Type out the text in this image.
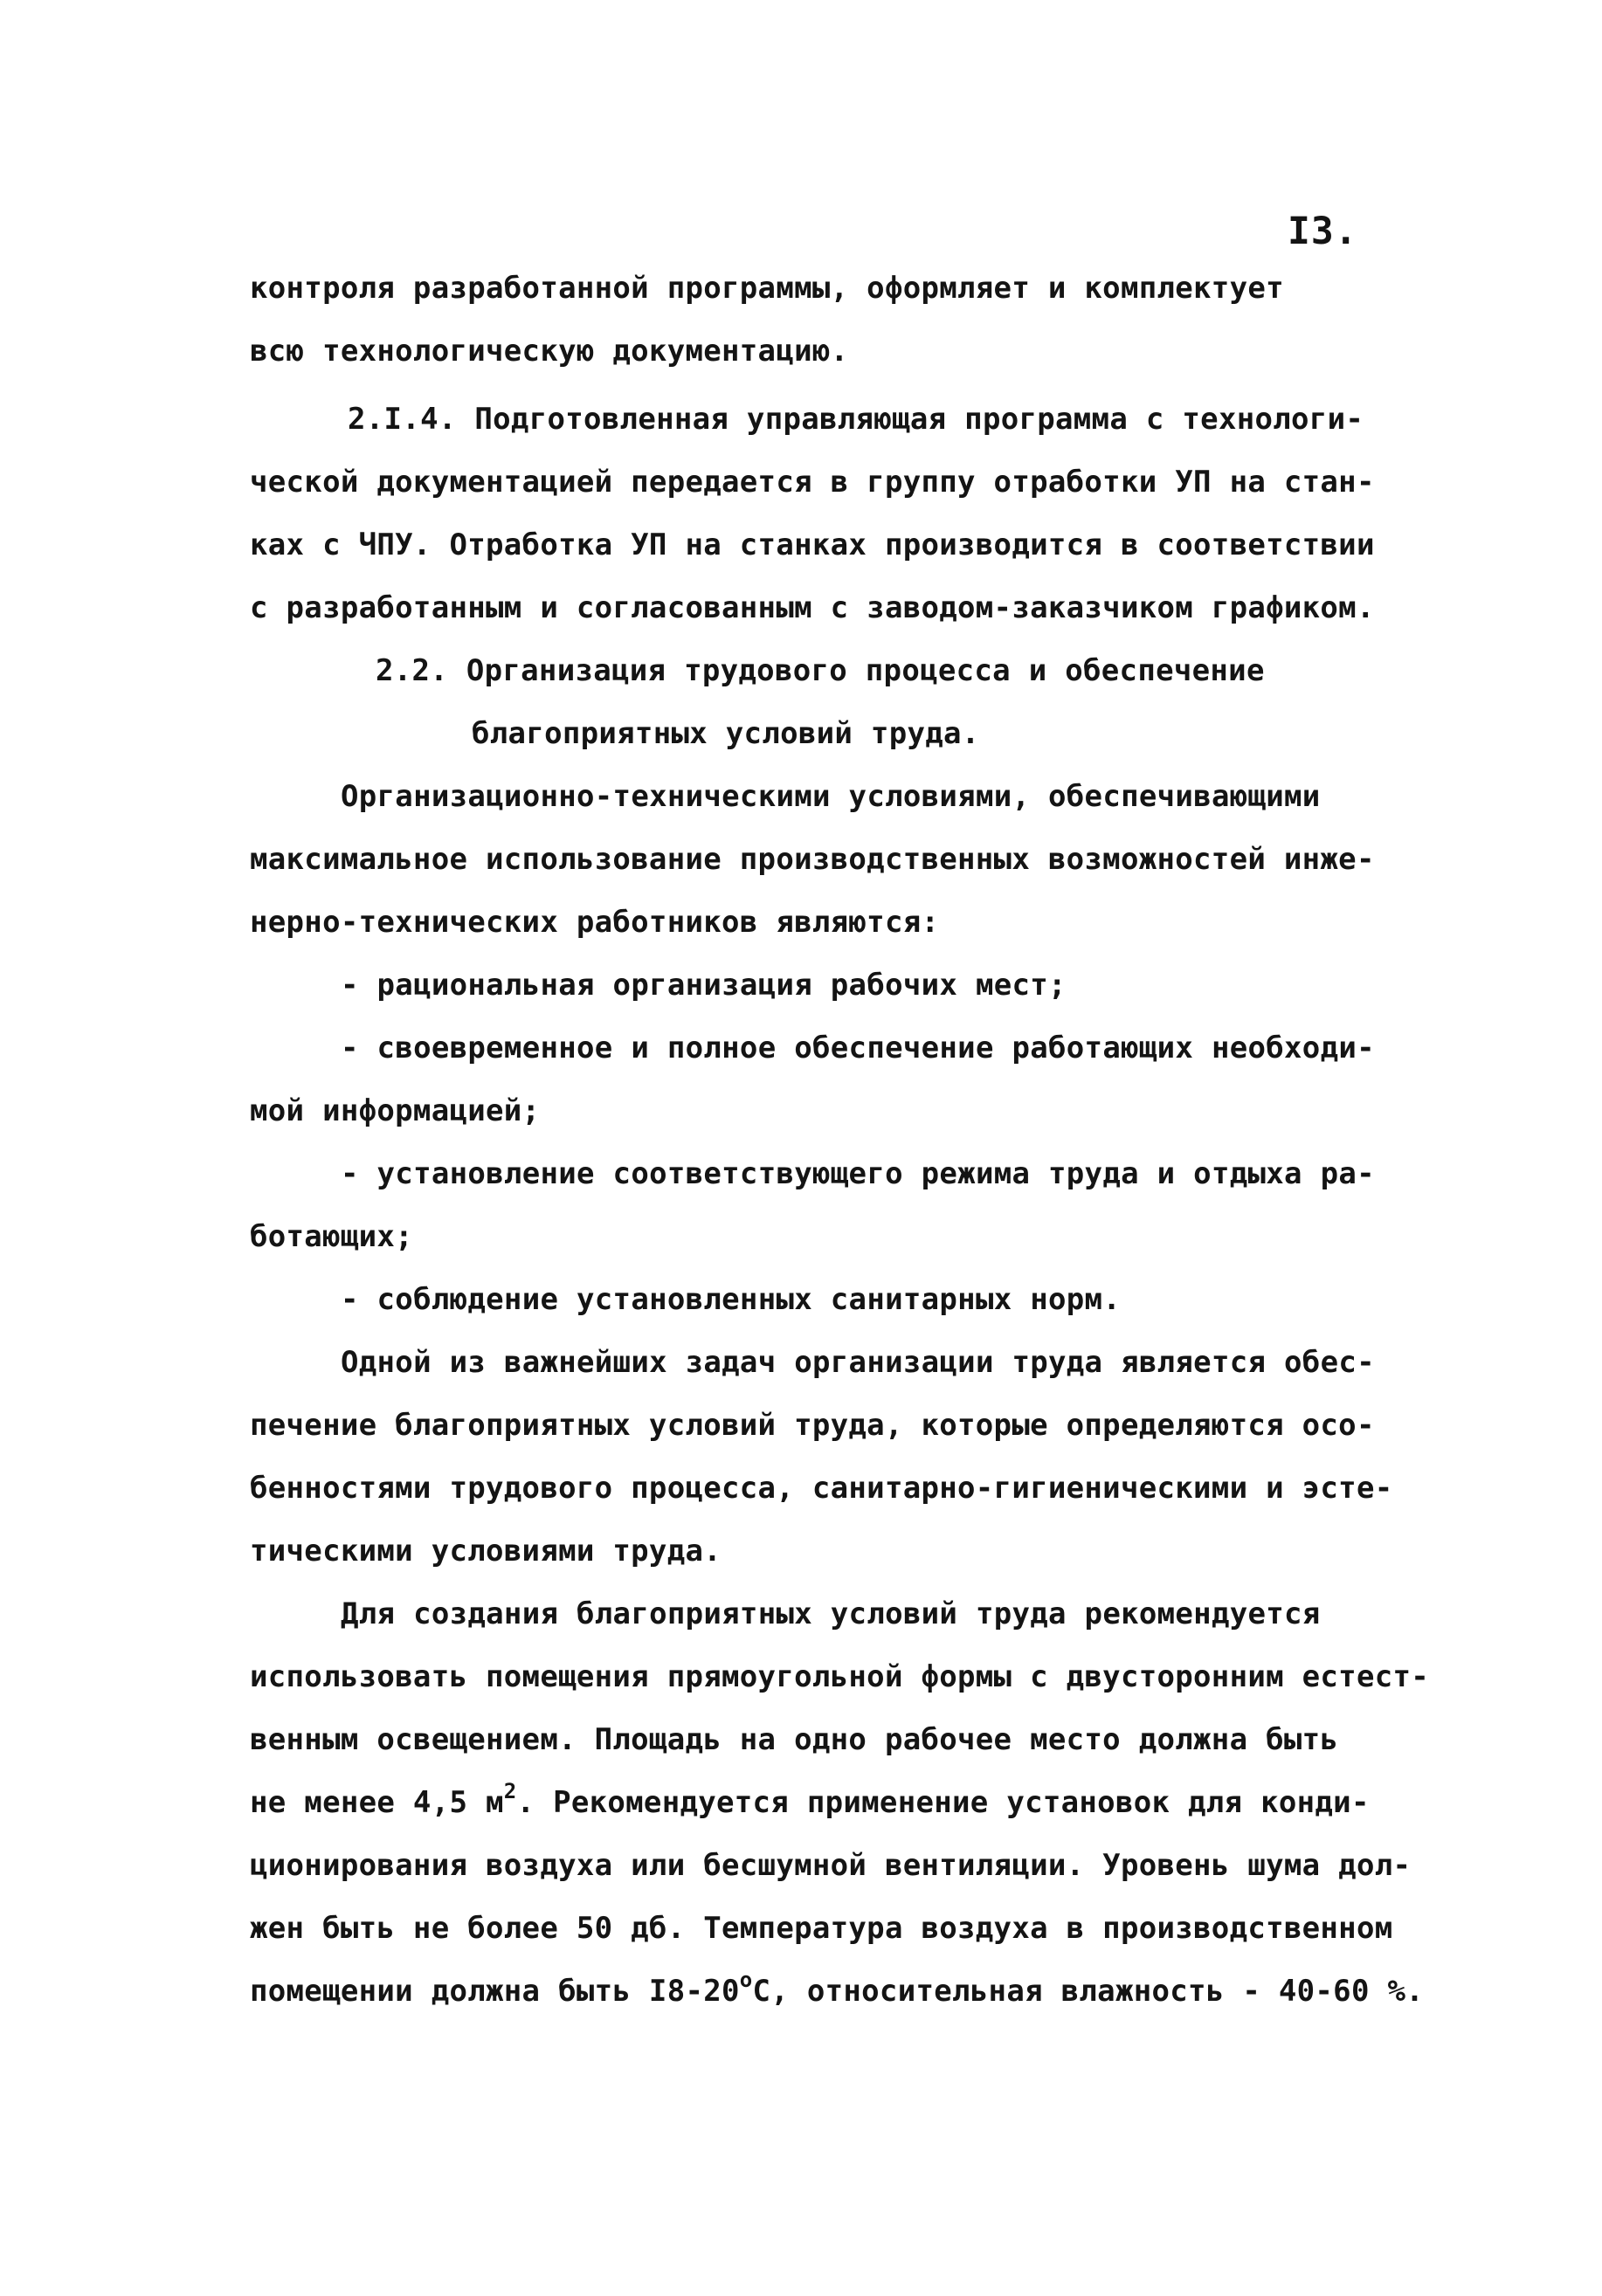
I3.
контроля разработанной программы, оформляет и комплектует
всю технологическую документацию.
2.I.4. Подготовленная управляющая программа с технологи-
ческой документацией передается в группу отработки УП на стан-
ках с ЧПУ. Отработка УП на станках производится в соответствии
с разработанным и согласованным с заводом-заказчиком графиком.
2.2. Организация трудового процесса и обеспечение
благоприятных условий труда.
Организационно-техническими условиями, обеспечивающими
максимальное использование производственных возможностей инже-
нерно-технических работников являются:
- рациональная организация рабочих мест;
- своевременное и полное обеспечение работающих необходи-
мой информацией;
- установление соответствующего режима труда и отдыха ра-
ботающих;
- соблюдение установленных санитарных норм.
Одной из важнейших задач организации труда является обес-
печение благоприятных условий труда, которые определяются осо-
бенностями трудового процесса, санитарно-гигиеническими и эсте-
тическими условиями труда.
Для создания благоприятных условий труда рекомендуется
использовать помещения прямоугольной формы с двусторонним естест-
венным освещением. Площадь на одно рабочее место должна быть
не менее 4,5 $м^2$. Рекомендуется применение установок для конди-
ционирования воздуха или бесшумной вентиляции. Уровень шума дол-
жен быть не более 50 дб. Температура воздуха в производственном
помещении должна быть I8-20$^o$С, относительная влажность - 40-60 %.
